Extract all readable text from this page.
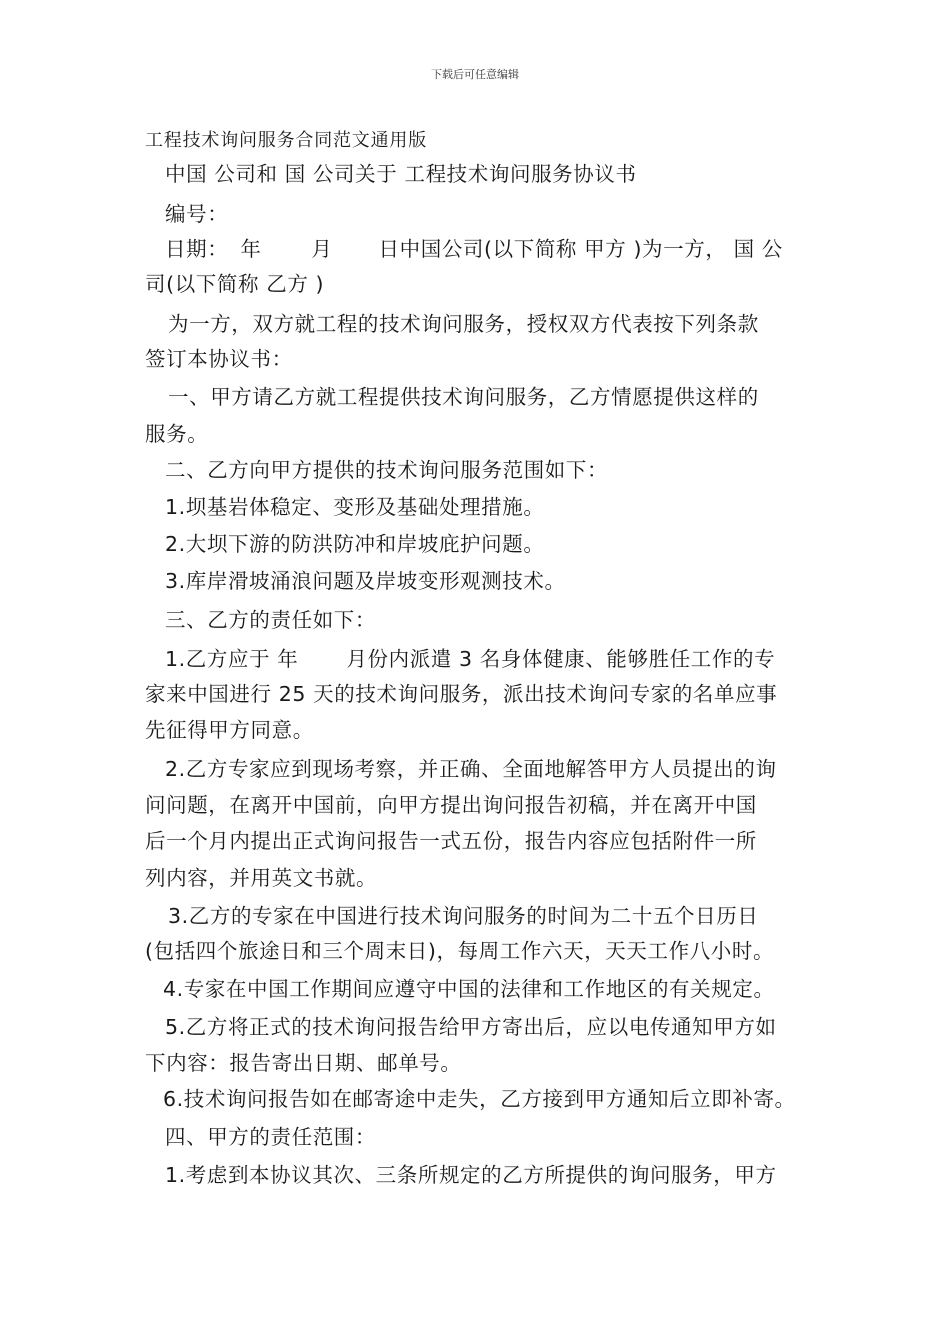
下载后可任意编辑
工程技术询问服务合同范文通用版
中国 公司和 国 公司关于 工程技术询问服务协议书
编号：
日期： 年 月 日中国公司(以下简称 甲方 )为一方， 国 公
司(以下简称 乙方 )
为一方，双方就工程的技术询问服务，授权双方代表按下列条款
签订本协议书：
一、甲方请乙方就工程提供技术询问服务，乙方情愿提供这样的
服务。
二、乙方向甲方提供的技术询问服务范围如下：
1.坝基岩体稳定、变形及基础处理措施。
2.大坝下游的防洪防冲和岸坡庇护问题。
3.库岸滑坡涌浪问题及岸坡变形观测技术。
三、乙方的责任如下：
1.乙方应于 年 月份内派遣 3 名身体健康、能够胜任工作的专
家来中国进行 25 天的技术询问服务，派出技术询问专家的名单应事
先征得甲方同意。
2.乙方专家应到现场考察，并正确、全面地解答甲方人员提出的询
问问题，在离开中国前，向甲方提出询问报告初稿，并在离开中国
后一个月内提出正式询问报告一式五份，报告内容应包括附件一所
列内容，并用英文书就。
3.乙方的专家在中国进行技术询问服务的时间为二十五个日历日
(包括四个旅途日和三个周末日)，每周工作六天，天天工作八小时。
4.专家在中国工作期间应遵守中国的法律和工作地区的有关规定。
5.乙方将正式的技术询问报告给甲方寄出后，应以电传通知甲方如
下内容：报告寄出日期、邮单号。
6.技术询问报告如在邮寄途中走失，乙方接到甲方通知后立即补寄。
四、甲方的责任范围：
1.考虑到本协议其次、三条所规定的乙方所提供的询问服务，甲方
